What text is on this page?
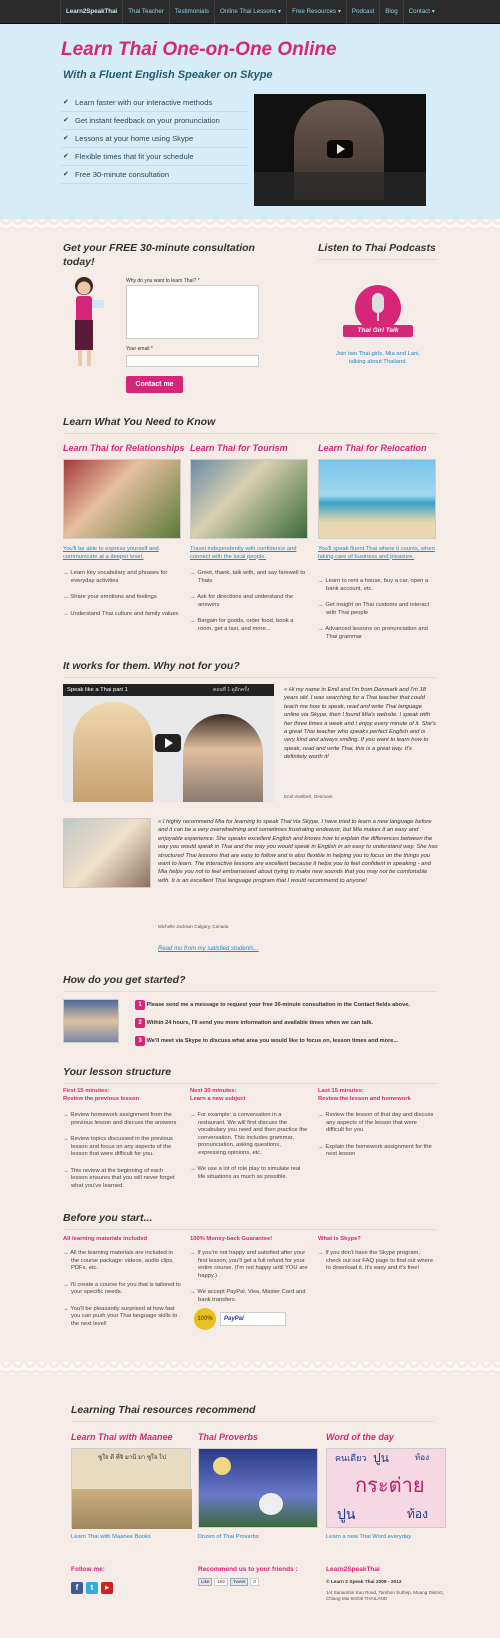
Learn2SpeakThai	Thai Teacher	Testimonials	Online Thai Lessons ▾	Free Resources ▾	Podcast	Blog	Contact ▾
Learn Thai One-on-One Online
With a Fluent English Speaker on Skype
✔ Learn faster with our interactive methods
✔ Get instant feedback on your pronunciation
✔ Lessons at your home using Skype
✔ Flexible times that fit your schedule
✔ Free 30-minute consultation
Get your FREE 30-minute consultation today!
Why do you want to learn Thai? *
Your email *
Contact me
Listen to Thai Podcasts
Thai Girl Talk
Join two Thai girls, Mia and Lani, talking about Thailand.
Learn What You Need to Know
Learn Thai for Relationships
You'll be able to express yourself and communicate at a deeper level.
→ Learn key vocabulary and phrases for everyday activities
→ Share your emotions and feelings
→ Understand Thai culture and family values
Learn Thai for Tourism
Travel independently with confidence and connect with the local people.
→ Greet, thank, talk with, and say farewell to Thais
→ Ask for directions and understand the answers
→ Bargain for goods, order food, book a room, get a taxi, and more...
Learn Thai for Relocation
You'll speak fluent Thai where it counts, when taking care of business and pleasure.
→ Learn to rent a house, buy a car, open a bank account, etc.
→ Get insight on Thai customs and interact with Thai people
→ Advanced lessons on pronunciation and Thai grammar
It works for them. Why not for you?
Speak like a Thai part 1	ตอนที่ 1 ดูอีกครั้ง	« Hi my name in Emil and I'm from Denmark and I'm 18 years old. I was searching for a Thai teacher that could teach me how to speak, read and write Thai language online via Skype, then I found Mia's website. I speak with her three times a week and I enjoy every minute of it. She's a great Thai teacher who speaks perfect English and is very kind and always smiling. If you want to learn how to speak, read and write Thai, this is a great way. It's definitely worth it!
Emil Voetbert, Denmark
« I highly recommend Mia for learning to speak Thai via Skype. I have tried to learn a new language before and it can be a very overwhelming and sometimes frustrating endeavor, but Mia makes it an easy and enjoyable experience. She speaks excellent English and knows how to explain the differences between the way you would speak in Thai and the way you would speak in English in an easy to understand way. She has structured Thai lessons that are easy to follow and is also flexible in helping you to focus on the things you want to learn. The interactive lessons are excellent because it helps you to feel confident in speaking - and Mia helps you not to feel embarrassed about trying to make new sounds that you may not be comfortable with. It is an excellent Thai language program that I would recommend to anyone!
Michelle Jackson Calgary, Canada
Read mo from my satisfied students...
How do you get started?
1 Please send me a message to request your free 30-minute consultation in the Contact fields above.
2 Within 24 hours, I'll send you more information and available times when we can talk.
3 We'll meet via Skype to discuss what area you would like to focus on, lesson times and more...
Your lesson structure
First 15 minutes:
Review the previous lesson
→ Review homework assignment from the previous lesson and discuss the answers
→ Review topics discussed in the previous lesson and focus on any aspects of the lesson that were difficult for you.
→ This review at the beginning of each lesson ensures that you will never forget what you've learned.
Next 30 minutes:
Learn a new subject
→ For example: a conversation in a restaurant. We will first discuss the vocabulary you need and then practice the conversation. This includes grammar, pronunciation, asking questions, expressing opinions, etc.
→ We use a lot of role play to simulate real life situations as much as possible.
Last 15 minutes:
Review the lesson and homework
→ Review the lesson of that day and discuss any aspects of the lesson that were difficult for you
→ Explain the homework assignment for the next lesson
Before you start...
All learning materials included
→ All the learning materials are included in the course package: videos, audio clips, PDFs, etc.
→ I'll create a course for you that is tailored to your specific needs.
→ You'll be pleasantly surprised at how fast you can push your Thai language skills to the next level!
100% Money-back Guarantee!
→ If you're not happy and satisfied after your first lesson, you'll get a full refund for your entire course. (I'm not happy until YOU are happy.)
→ We accept PayPal, Visa, Master Card and bank transfers.
100%	PayPal
What is Skype?
→ If you don't have the Skype program, check out our FAQ page to find out where to download it. It's easy and it's free!
Learning Thai resources recommend
Learn Thai with Maanee
ชูใจ ดี ที่จิ มานี มา ชูใจ ไป
Learn Thai with Maanee Books
Thai Proverbs
Dozen of Thai Proverbs
Word of the day
คนเดียว ปูน	ท้อง
กระต่าย
ปูน	ท้อง
Learn a new Thai Word everyday
Follow me:
f	t	▶
Recommend us to your friends :
Like	182	Tweet	0
Learn2SpeakThai
© Learn 2 Speak Thai 2009 - 2012
1/4 Sanambin Kao Road, Tambon Suthep, Muang District, Chiang Mai 50200 THAILAND
